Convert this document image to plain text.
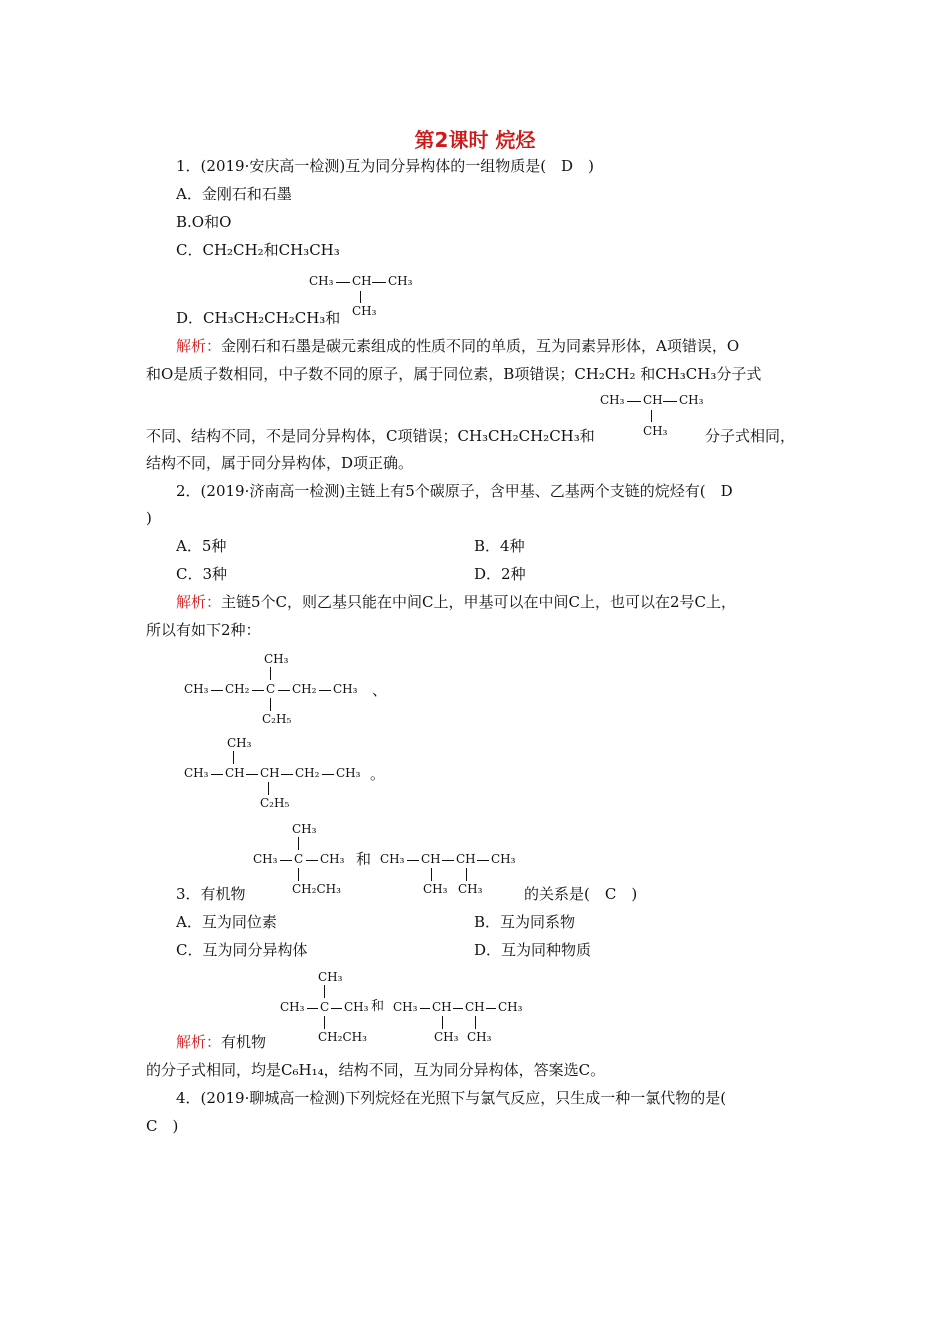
第2课时 烷烃
1．(2019·安庆高一检测)互为同分异构体的一组物质是(　D　)
A．金刚石和石墨
B.O和O
C．CH₂CH₂和CH₃CH₃
CH₃ CH CH₃
CH₃
D．CH₃CH₂CH₂CH₃和
解析：金刚石和石墨是碳元素组成的性质不同的单质，互为同素异形体，A项错误，O
和O是质子数相同，中子数不同的原子，属于同位素，B项错误；CH₂CH₂ 和CH₃CH₃分子式
CH₃ CH CH₃
CH₃
不同、结构不同，不是同分异构体，C项错误；CH₃CH₂CH₂CH₃和	分子式相同，
结构不同，属于同分异构体，D项正确。
2．(2019·济南高一检测)主链上有5个碳原子，含甲基、乙基两个支链的烷烃有(　D
)
A．5种	B．4种
C．3种	D．2种
解析：主链5个C，则乙基只能在中间C上，甲基可以在中间C上，也可以在2号C上，
所以有如下2种：
CH₃
CH₃ CH₂ C CH₂ CH₃
C₂H₅
、
CH₃
CH₃ CH CH CH₂ CH₃
C₂H₅
。
CH₃
CH₃ C CH₃
CH₂CH₃
和 CH₃ CH CH CH₃
CH₃ CH₃
3．有机物	的关系是(　C　)
A．互为同位素	B．互为同系物
C．互为同分异构体	D．互为同种物质
CH₃
CH₃ C CH₃
CH₂CH₃
和 CH₃ CH CH CH₃
CH₃ CH₃
解析：有机物
的分子式相同，均是C₆H₁₄，结构不同，互为同分异构体，答案选C。
4．(2019·聊城高一检测)下列烷烃在光照下与氯气反应，只生成一种一氯代物的是(
C　)
